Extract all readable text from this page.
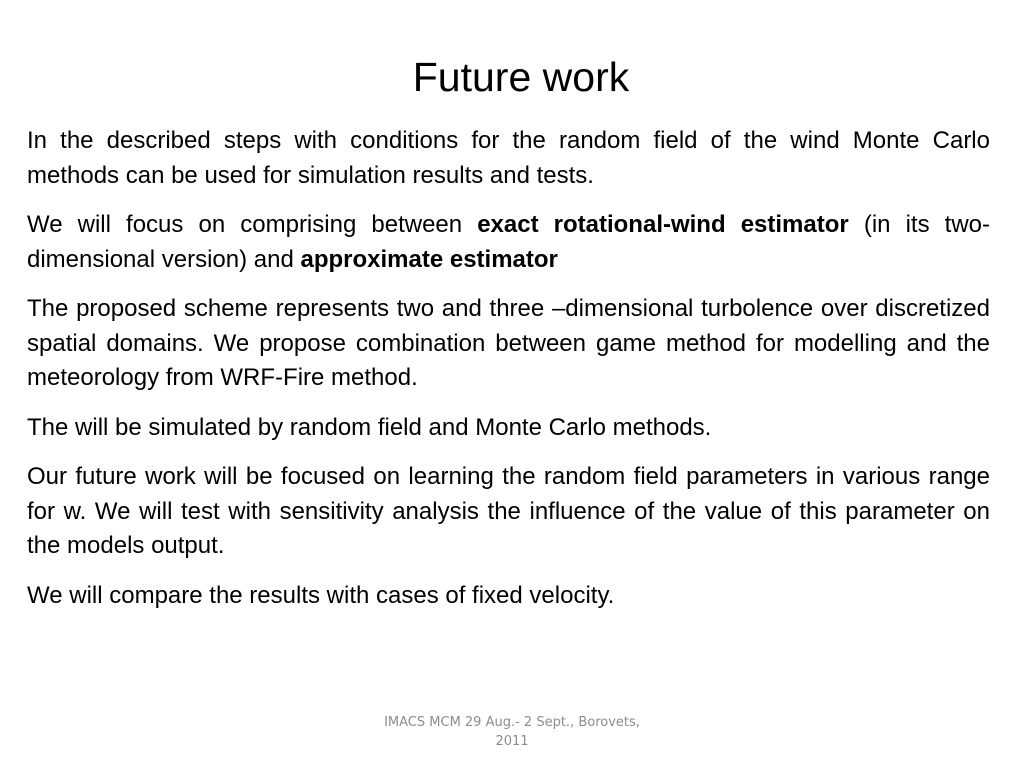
Future work

In the described steps with conditions for the random field of the wind Monte Carlo methods can be used for simulation results and tests.

We will focus on comprising between exact rotational-wind estimator (in its two-dimensional version) and approximate estimator

The proposed scheme represents two and three –dimensional turbolence over discretized spatial domains. We propose combination between game method for modelling and the meteorology from WRF-Fire method.

The will be simulated by random field and Monte Carlo methods.

Our future work will be focused on learning the random field parameters in various range for w. We will test with sensitivity analysis the influence of the value of this parameter on the models output.

We will compare the results with cases of fixed velocity.

IMACS MCM 29 Aug.- 2 Sept., Borovets,
2011
